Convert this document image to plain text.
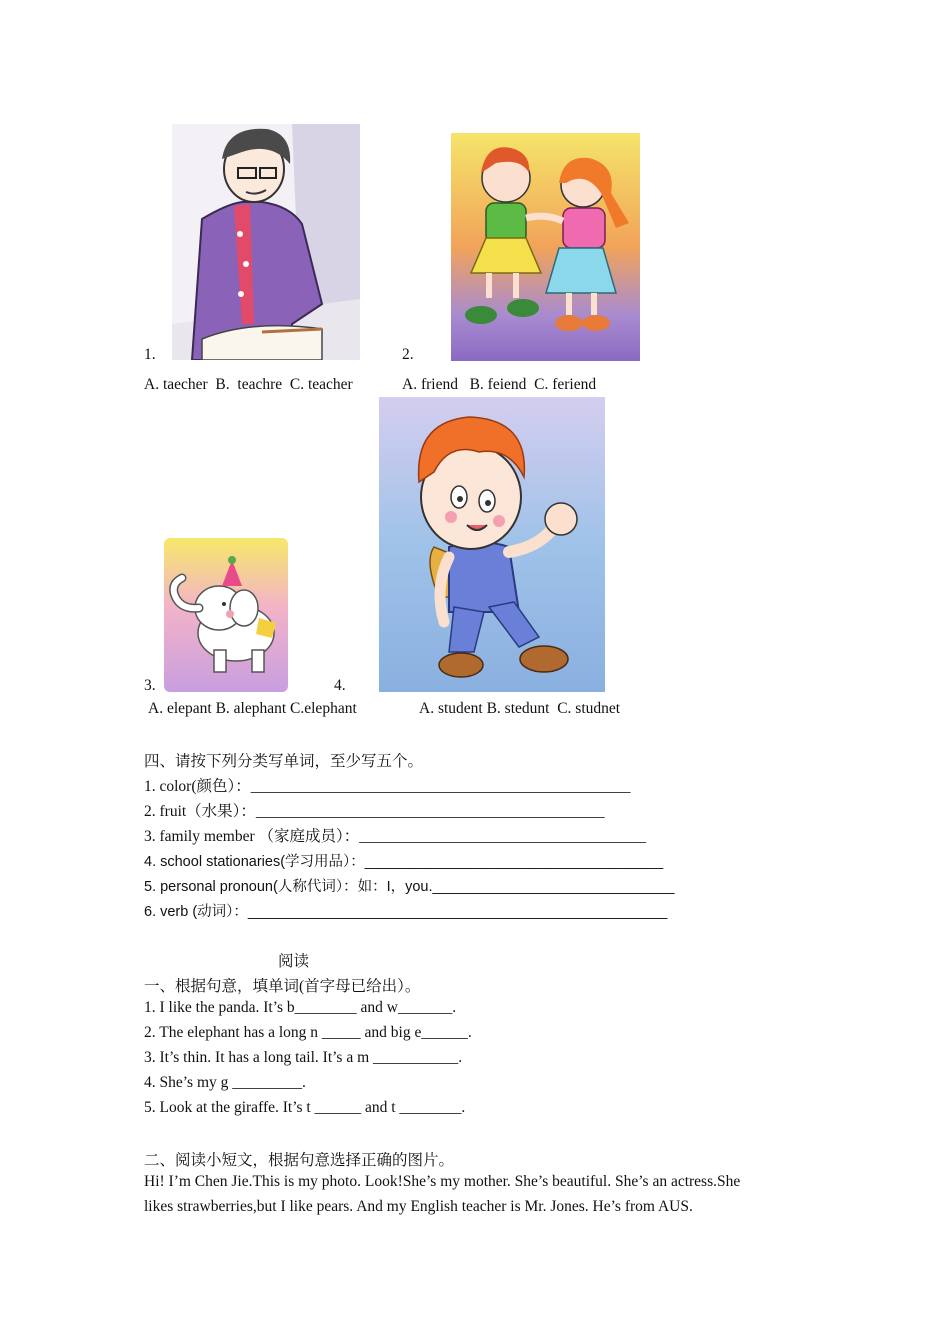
1.	2.
A. taecher  B.  teachre  C. teacher	A. friend   B. feiend  C. feriend
3.	4.
A. elepant B. alephant C.elephant	A. student B. stedunt  C. studnet
四、请按下列分类写单词，至少写五个。
1. color(颜色）：_________________________________________________
2. fruit（水果）：_____________________________________________
3. family member （家庭成员）：_____________________________________
4. school stationaries(学习用品）：_____________________________________
5. personal pronoun(人称代词）：如：I，you.______________________________
6. verb (动词）：____________________________________________________
阅读
一、根据句意，填单词(首字母已给出）。
1. I like the panda. It’s b________ and w_______.
2. The elephant has a long n _____ and big e______.
3. It’s thin. It has a long tail. It’s a m ___________.
4. She’s my g _________.
5. Look at the giraffe. It’s t ______ and t ________.
二、阅读小短文，根据句意选择正确的图片。
Hi! I’m Chen Jie.This is my photo. Look!She’s my mother. She’s beautiful. She’s an actress.She
likes strawberries,but I like pears. And my English teacher is Mr. Jones. He’s from AUS.
